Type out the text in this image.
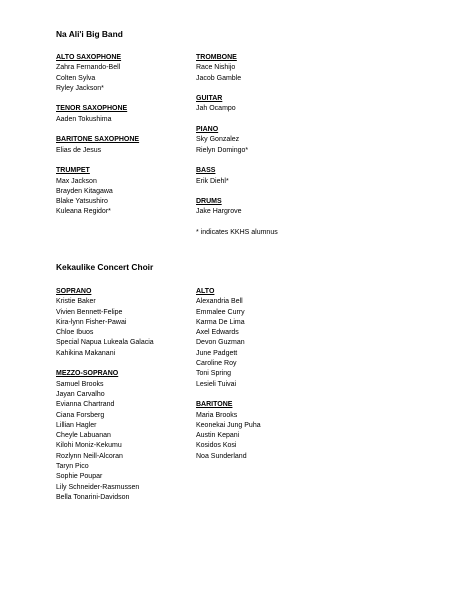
Na Ali'i Big Band
ALTO SAXOPHONE
Zahra Fernando-Bell
Colten Sylva
Ryley Jackson*
TENOR SAXOPHONE
Aaden Tokushima
BARITONE SAXOPHONE
Elias de Jesus
TRUMPET
Max Jackson
Brayden Kitagawa
Blake Yatsushiro
Kuleana Regidor*
TROMBONE
Race Nishijo
Jacob Gamble
GUITAR
Jah Ocampo
PIANO
Sky Gonzalez
Rielyn Domingo*
BASS
Erik Diehl*
DRUMS
Jake Hargrove
* indicates KKHS alumnus
Kekaulike Concert Choir
SOPRANO
Kristie Baker
Vivien Bennett-Felipe
Kira-lynn Fisher-Pawai
Chloe Ibuos
Special Napua Lukeala Galacia
Kahikina Makanani
MEZZO-SOPRANO
Samuel Brooks
Jayan Carvalho
Evianna Chartrand
Ciana Forsberg
Lillian Hagler
Cheyle Labuanan
Kilohi Moniz-Kekumu
Rozlynn Neill-Alcoran
Taryn Pico
Sophie Poupar
Lily Schneider-Rasmussen
Bella Tonarini-Davidson
ALTO
Alexandria Bell
Emmalee Curry
Karma De Lima
Axel Edwards
Devon Guzman
June Padgett
Caroline Roy
Toni Spring
Lesieli Tuivai
BARITONE
Maria Brooks
Keonekai Jung Puha
Austin Kepani
Kosidos Kosi
Noa Sunderland
